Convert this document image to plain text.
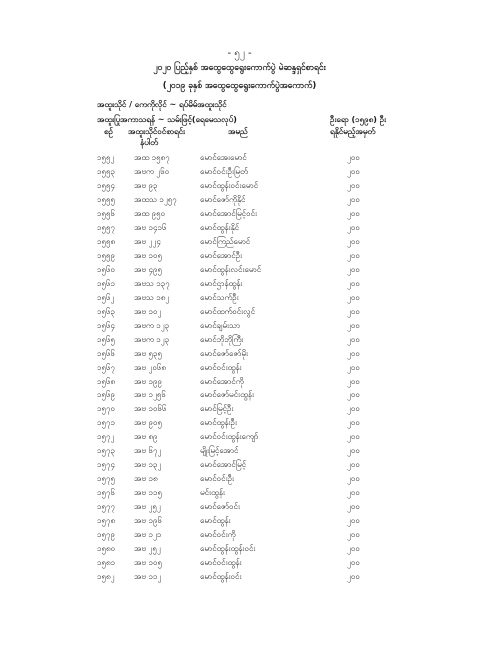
- ၅၂ -
၂၀၂၀ ပြည့်နှစ် အထွေထွေရွေးကောက်ပွဲ မဲဆန္ဒရှင်စာရင်း
(၂၀၁၉ ခုနှစ် အထွေထွေရွေးကောက်ပွဲအကောက်)
အထူးသိုင် / ကေကိုလိုင် ~ ရပ်မိမ်အထူးသိုင်
အထူးပြုအကာသရန် ~ သမ်းဖြင့်(ရေမေသလုပ်)	ဦးရော (၁၅၉၈) ဦး
စဉ် အထူးသိုင်ဝင်စာရင်း
နံပါတ်
အမည်	ရနိုင်မည့်အမှတ်
၁၅၅၂ အထ ၁၅၈၇	မောင်အေးမောင်	၂၀၀
၁၅၅၃ အဗက ၂၆၀	မောင်ဝင်းဦးမြတ်	၂၀၀
၁၅၅၄ အဗ ၉၃	မောင်ထွန်းဝင်းမောင်	၂၀၀
၁၅၅၅ အထသ ၁၂၅၇	မောင်ဇော်ကိုနိုင်	၂၀၀
၁၅၅၆ အထ ၉၅၀	မောင်အောင်မြင့်ဝင်း	၂၀၀
၁၅၅၇ အဗ ၁၄၁၆	မောင်ထွန်းနိုင်	၂၀၀
၁၅၅၈ အဗ ၂၂၄	မောင်ကြည်မောင်	၂၀၀
၁၅၅၉ အဗ ၁၀၅	မောင်အောင်ဦး	၂၀၀
၁၅၆၀ အဗ ၄၉၅	မောင်ထွန်းလင်းမောင်	၂၀၀
၁၅၆၁ အဗသ ၁၃၇	မောင်ဌာန်ထွန်း	၂၀၀
၁၅၆၂ အဗသ ၁၈၂	မောင်သက်ဦး	၂၀၀
၁၅၆၃ အဗ ၁၀၂	မောင်ထက်ဝင်းလွင်	၂၀၀
၁၅၆၄ အဗက ၁၂၃	မောင်ချမ်းသာ	၂၀၀
၁၅၆၅ အဗက ၁၂၃	မောင်ဘိုဘိုကြီး	၂၀၀
၁၅၆၆ အဗ ၅၃၅	မောင်ဇော်ဇော်မိုး	၂၀၀
၁၅၆၇ အဗ ၂၀၆၈	မောင်ဝင်းထွန်း	၂၀၀
၁၅၆၈ အဗ ၁၉၉	မောင်အောင်ကို	၂၀၀
၁၅၆၉ အဗ ၁၂၅၆	မောင်ဇော်မင်းထွန်း	၂၀၀
၁၅၇၀ အဗ ၁၀၆၆	မောင်မြင့်ဦး	၂၀၀
၁၅၇၁ အဗ ၉၀၅	မောင်ထွန်းဦး	၂၀၀
၁၅၇၂ အဗ ၈၉	မောင်ဝင်းထွန်းကျော်	၂၀၀
၁၅၇၃ အဗ ၆၇၂	မျိုးမြင့်အောင်	၂၀၀
၁၅၇၄ အဗ ၁၃၂	မောင်အောင်မြင့်	၂၀၀
၁၅၇၅ အဗ ၁၈	မောင်ဝင်းဦး	၂၀၀
၁၅၇၆ အဗ ၁၁၅	မင်းထွန်း	၂၀၀
၁၅၇၇ အဗ ၂၅၂	မောင်ဇော်ဝင်း	၂၀၀
၁၅၇၈ အဗ ၁၉၆	မောင်ထွန်း	၂၀၀
၁၅၇၉ အဗ ၁၂၁	မောင်ဝင်းကို	၂၀၀
၁၅၈၀ အဗ ၂၅၂	မောင်ထွန်းထွန်းဝင်း	၂၀၀
၁၅၈၁ အဗ ၁၀၅	မောင်ဝင်းထွန်း	၂၀၀
၁၅၈၂ အဗ ၁၁၂	မောင်ထွန်းဝင်း	၂၀၀
